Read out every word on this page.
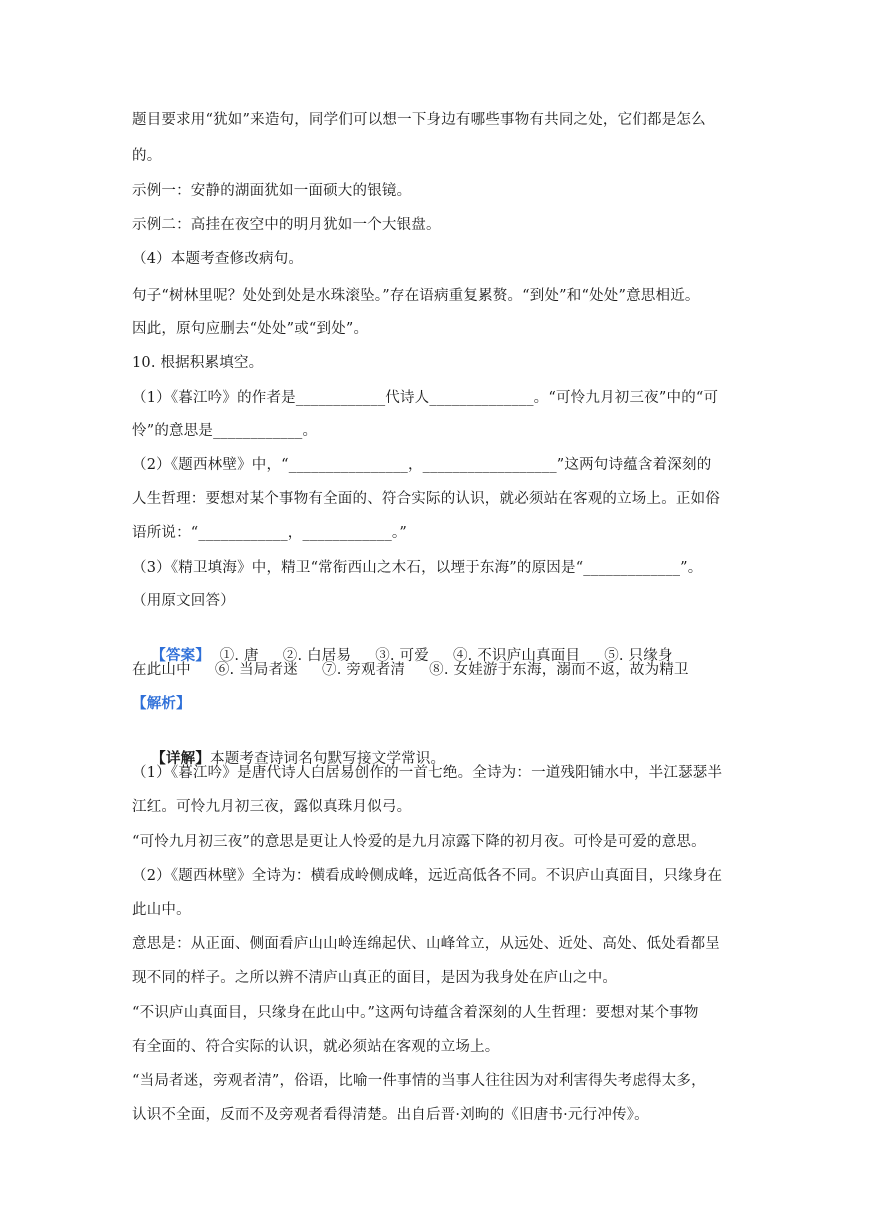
题目要求用“犹如”来造句，同学们可以想一下身边有哪些事物有共同之处，它们都是怎么
的。
示例一：安静的湖面犹如一面硕大的银镜。
示例二：高挂在夜空中的明月犹如一个大银盘。
（4）本题考查修改病句。
句子“树林里呢？处处到处是水珠滚坠。”存在语病重复累赘。“到处”和“处处”意思相近。
因此，原句应删去“处处”或“到处”。
10. 根据积累填空。
（1）《暮江吟》的作者是____________代诗人______________。“可怜九月初三夜”中的“可
怜”的意思是____________。
（2）《题西林壁》中，“________________，__________________”这两句诗蕴含着深刻的
人生哲理：要想对某个事物有全面的、符合实际的认识，就必须站在客观的立场上。正如俗
语所说：“____________，____________。”
（3）《精卫填海》中，精卫“常衔西山之木石，以堙于东海”的原因是“_____________”。
（用原文回答）

【答案】  ①. 唐     ②. 白居易     ③. 可爱     ④. 不识庐山真面目     ⑤. 只缘身

在此山中     ⑥. 当局者迷     ⑦. 旁观者清     ⑧. 女娃游于东海，溺而不返，故为精卫
【解析】

【详解】本题考查诗词名句默写接文学常识。

（1）《暮江吟》是唐代诗人白居易创作的一首七绝。全诗为：一道残阳铺水中，半江瑟瑟半
江红。可怜九月初三夜，露似真珠月似弓。
“可怜九月初三夜”的意思是更让人怜爱的是九月凉露下降的初月夜。可怜是可爱的意思。
（2）《题西林壁》全诗为：横看成岭侧成峰，远近高低各不同。不识庐山真面目，只缘身在
此山中。
意思是：从正面、侧面看庐山山岭连绵起伏、山峰耸立，从远处、近处、高处、低处看都呈
现不同的样子。之所以辨不清庐山真正的面目，是因为我身处在庐山之中。
“不识庐山真面目，只缘身在此山中。”这两句诗蕴含着深刻的人生哲理：要想对某个事物
有全面的、符合实际的认识，就必须站在客观的立场上。
“当局者迷，旁观者清”，俗语，比喻一件事情的当事人往往因为对利害得失考虑得太多，
认识不全面，反而不及旁观者看得清楚。出自后晋·刘昫的《旧唐书·元行冲传》。
